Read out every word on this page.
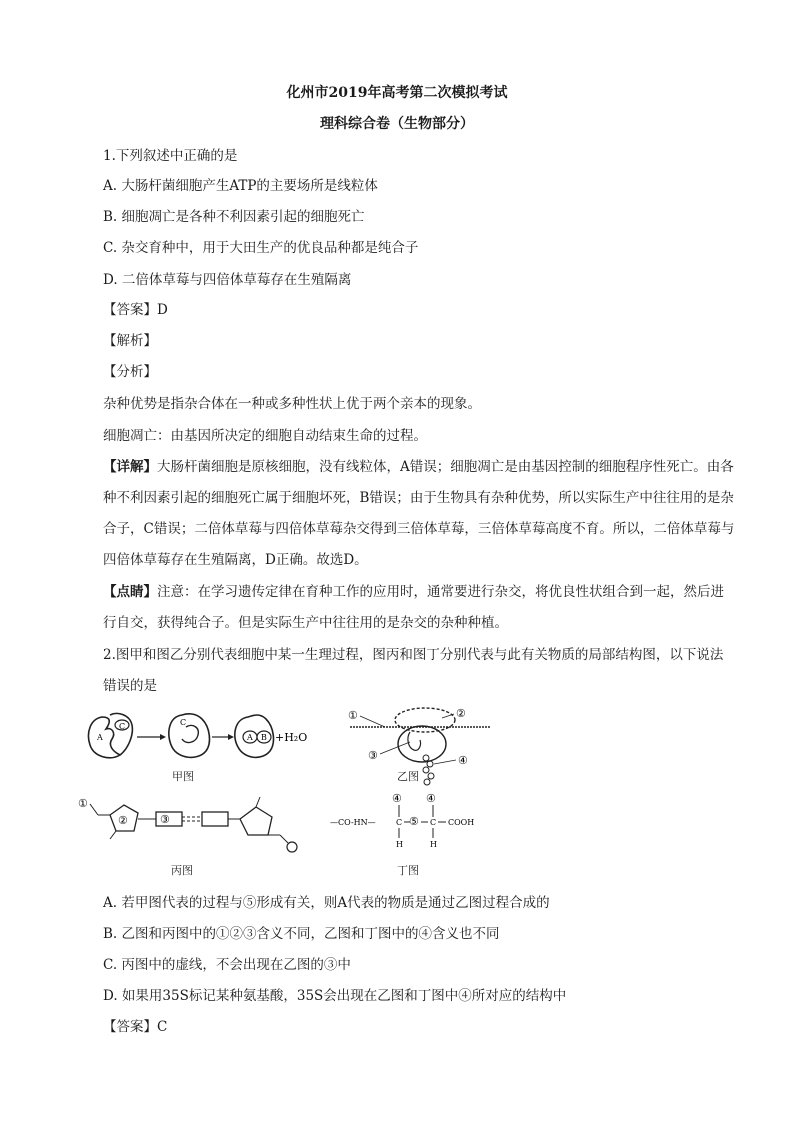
化州市2019年高考第二次模拟考试
理科综合卷（生物部分）
1.下列叙述中正确的是
A. 大肠杆菌细胞产生ATP的主要场所是线粒体
B. 细胞凋亡是各种不利因素引起的细胞死亡
C. 杂交育种中，用于大田生产的优良品种都是纯合子
D. 二倍体草莓与四倍体草莓存在生殖隔离
【答案】D
【解析】
【分析】
杂种优势是指杂合体在一种或多种性状上优于两个亲本的现象。
细胞凋亡：由基因所决定的细胞自动结束生命的过程。
【详解】大肠杆菌细胞是原核细胞，没有线粒体，A错误；细胞凋亡是由基因控制的细胞程序性死亡。由各
种不利因素引起的细胞死亡属于细胞坏死，B错误；由于生物具有杂种优势，所以实际生产中往往用的是杂
合子，C错误；二倍体草莓与四倍体草莓杂交得到三倍体草莓，三倍体草莓高度不育。所以，二倍体草莓与
四倍体草莓存在生殖隔离，D正确。故选D。
【点睛】注意：在学习遗传定律在育种工作的应用时，通常要进行杂交，将优良性状组合到一起，然后进
行自交，获得纯合子。但是实际生产中往往用的是杂交的杂种种植。
2.图甲和图乙分别代表细胞中某一生理过程，图丙和图丁分别代表与此有关物质的局部结构图，以下说法
错误的是
C
A
C
A B +H₂O
甲图
①	②
③	④
乙图
①
②	③
丙图
④ ④
—CO-HN—	C ⑤ C COOH
H	H
丁图
A. 若甲图代表的过程与⑤形成有关，则A代表的物质是通过乙图过程合成的
B. 乙图和丙图中的①②③含义不同，乙图和丁图中的④含义也不同
C. 丙图中的虚线，不会出现在乙图的③中
D. 如果用35S标记某种氨基酸，35S会出现在乙图和丁图中④所对应的结构中
【答案】C
